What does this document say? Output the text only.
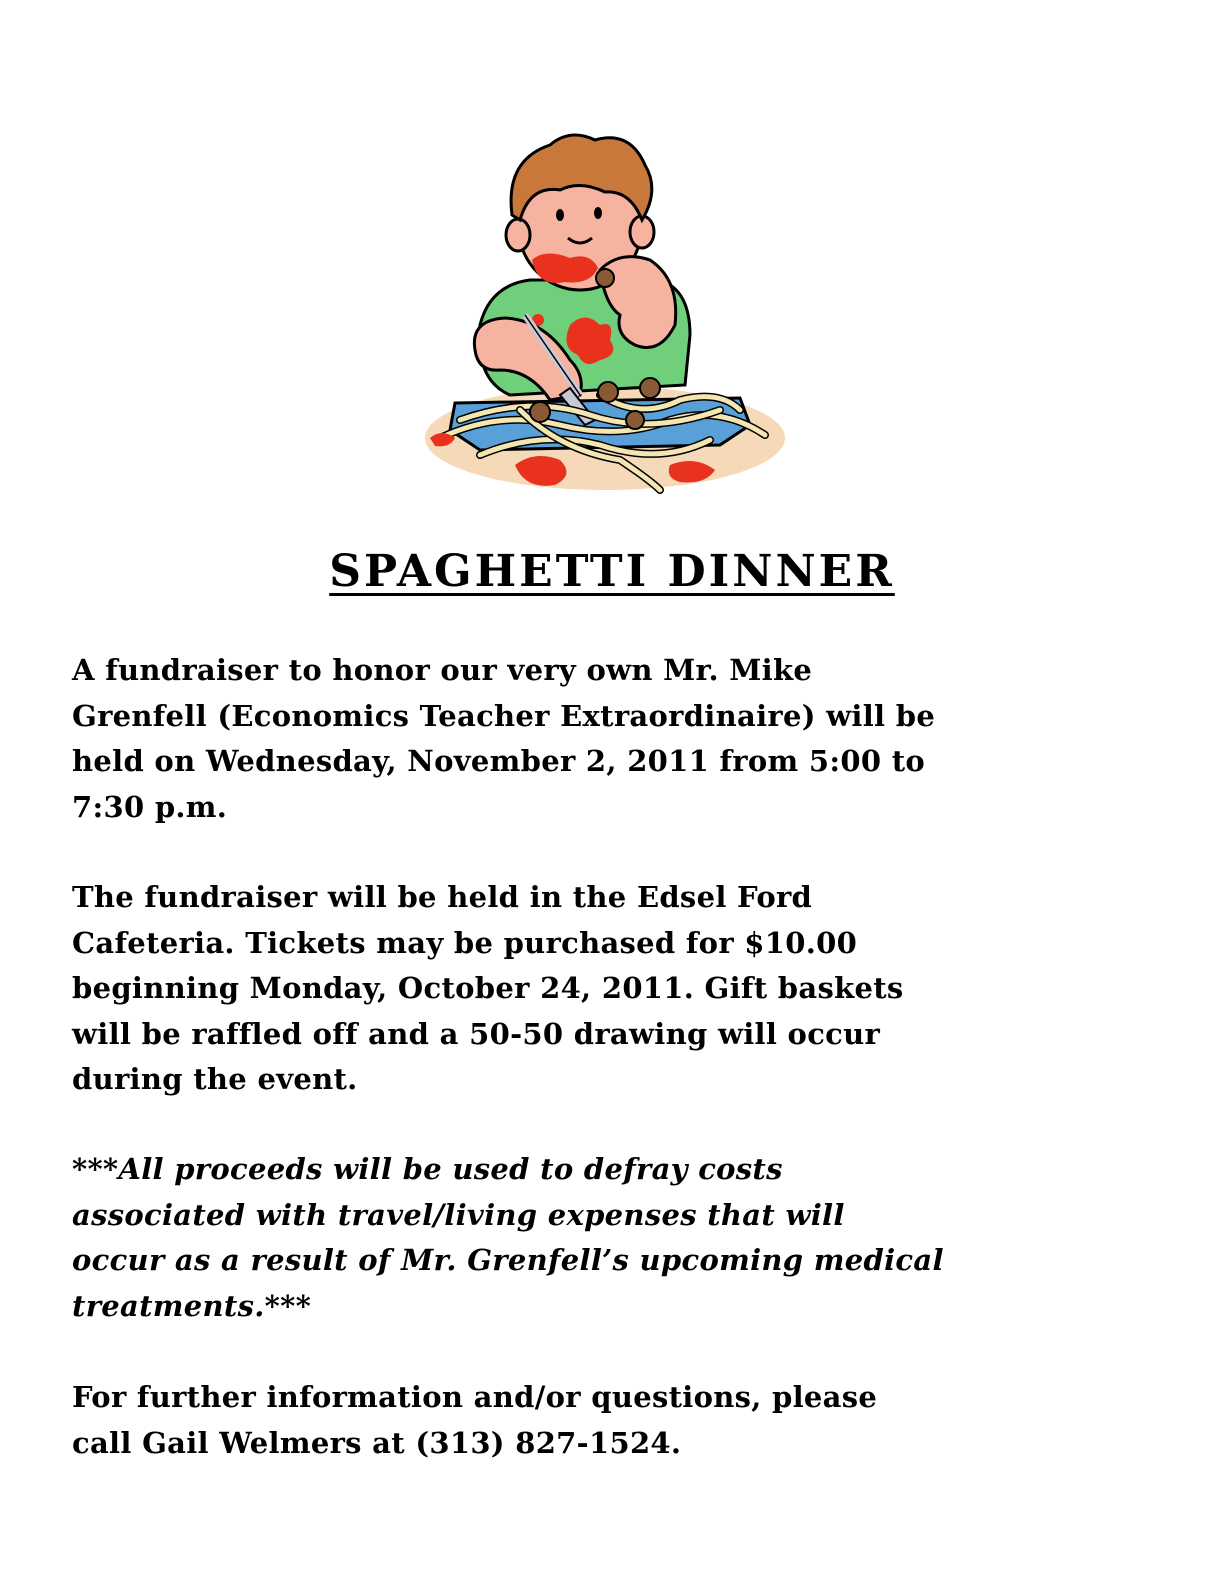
SPAGHETTI DINNER

A fundraiser to honor our very own Mr. Mike
Grenfell (Economics Teacher Extraordinaire) will be
held on Wednesday, November 2, 2011 from 5:00 to
7:30 p.m.

The fundraiser will be held in the Edsel Ford
Cafeteria. Tickets may be purchased for $10.00
beginning Monday, October 24, 2011. Gift baskets
will be raffled off and a 50-50 drawing will occur
during the event.

***All proceeds will be used to defray costs
associated with travel/living expenses that will
occur as a result of Mr. Grenfell’s upcoming medical
treatments.***

For further information and/or questions, please
call Gail Welmers at (313) 827-1524.
